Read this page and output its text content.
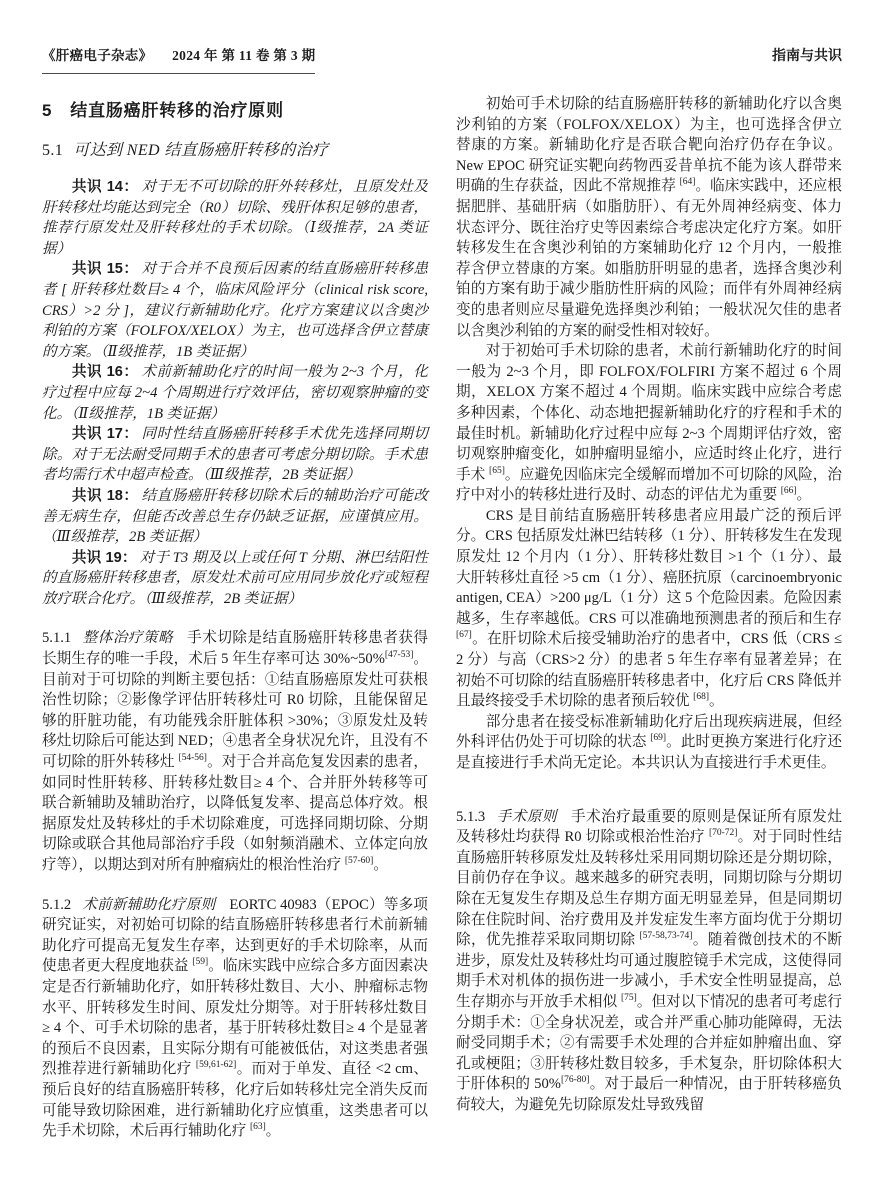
《肝癌电子杂志》 2024 年 第 11 卷 第 3 期	指南与共识
5 结直肠癌肝转移的治疗原则
5.1 可达到 NED 结直肠癌肝转移的治疗

共识 14： 对于无不可切除的肝外转移灶，且原发灶及肝转移灶均能达到完全（R0）切除、残肝体积足够的患者，推荐行原发灶及肝转移灶的手术切除。（Ⅰ级推荐，2A 类证据）

共识 15： 对于合并不良预后因素的结直肠癌肝转移患者 [ 肝转移灶数目≥ 4 个，临床风险评分（clinical risk score, CRS）>2 分 ]，建议行新辅助化疗。化疗方案建议以含奥沙利铂的方案（FOLFOX/XELOX）为主，也可选择含伊立替康的方案。（Ⅱ级推荐，1B 类证据）

共识 16： 术前新辅助化疗的时间一般为 2~3 个月，化疗过程中应每 2~4 个周期进行疗效评估，密切观察肿瘤的变化。（Ⅱ级推荐，1B 类证据）

共识 17： 同时性结直肠癌肝转移手术优先选择同期切除。对于无法耐受同期手术的患者可考虑分期切除。手术患者均需行术中超声检查。（Ⅲ级推荐，2B 类证据）

共识 18： 结直肠癌肝转移切除术后的辅助治疗可能改善无病生存，但能否改善总生存仍缺乏证据，应谨慎应用。（Ⅲ级推荐，2B 类证据）

共识 19： 对于 T3 期及以上或任何 T 分期、淋巴结阳性的直肠癌肝转移患者，原发灶术前可应用同步放化疗或短程放疗联合化疗。（Ⅲ级推荐，2B 类证据）

5.1.1 整体治疗策略 手术切除是结直肠癌肝转移患者获得长期生存的唯一手段，术后 5 年生存率可达 30%~50%[47-53]。目前对于可切除的判断主要包括：①结直肠癌原发灶可获根治性切除；②影像学评估肝转移灶可 R0 切除，且能保留足够的肝脏功能，有功能残余肝脏体积 >30%；③原发灶及转移灶切除后可能达到 NED；④患者全身状况允许，且没有不可切除的肝外转移灶 [54-56]。对于合并高危复发因素的患者，如同时性肝转移、肝转移灶数目≥ 4 个、合并肝外转移等可联合新辅助及辅助治疗，以降低复发率、提高总体疗效。根据原发灶及转移灶的手术切除难度，可选择同期切除、分期切除或联合其他局部治疗手段（如射频消融术、立体定向放疗等），以期达到对所有肿瘤病灶的根治性治疗 [57-60]。

5.1.2 术前新辅助化疗原则 EORTC 40983（EPOC）等多项研究证实，对初始可切除的结直肠癌肝转移患者行术前新辅助化疗可提高无复发生存率，达到更好的手术切除率，从而使患者更大程度地获益 [59]。临床实践中应综合多方面因素决定是否行新辅助化疗，如肝转移灶数目、大小、肿瘤标志物水平、肝转移发生时间、原发灶分期等。对于肝转移灶数目≥ 4 个、可手术切除的患者，基于肝转移灶数目≥ 4 个是显著的预后不良因素，且实际分期有可能被低估，对这类患者强烈推荐进行新辅助化疗 [59,61-62]。而对于单发、直径 <2 cm、预后良好的结直肠癌肝转移，化疗后如转移灶完全消失反而可能导致切除困难，进行新辅助化疗应慎重，这类患者可以先手术切除，术后再行辅助化疗 [63]。

初始可手术切除的结直肠癌肝转移的新辅助化疗以含奥沙利铂的方案（FOLFOX/XELOX）为主，也可选择含伊立替康的方案。新辅助化疗是否联合靶向治疗仍存在争议。New EPOC 研究证实靶向药物西妥昔单抗不能为该人群带来明确的生存获益，因此不常规推荐 [64]。临床实践中，还应根据肥胖、基础肝病（如脂肪肝）、有无外周神经病变、体力状态评分、既往治疗史等因素综合考虑决定化疗方案。如肝转移发生在含奥沙利铂的方案辅助化疗 12 个月内，一般推荐含伊立替康的方案。如脂肪肝明显的患者，选择含奥沙利铂的方案有助于减少脂肪性肝病的风险；而伴有外周神经病变的患者则应尽量避免选择奥沙利铂；一般状况欠佳的患者以含奥沙利铂的方案的耐受性相对较好。

对于初始可手术切除的患者，术前行新辅助化疗的时间一般为 2~3 个月，即 FOLFOX/FOLFIRI 方案不超过 6 个周期，XELOX 方案不超过 4 个周期。临床实践中应综合考虑多种因素，个体化、动态地把握新辅助化疗的疗程和手术的最佳时机。新辅助化疗过程中应每 2~3 个周期评估疗效，密切观察肿瘤变化，如肿瘤明显缩小，应适时终止化疗，进行手术 [65]。应避免因临床完全缓解而增加不可切除的风险，治疗中对小的转移灶进行及时、动态的评估尤为重要 [66]。

CRS 是目前结直肠癌肝转移患者应用最广泛的预后评分。CRS 包括原发灶淋巴结转移（1 分）、肝转移发生在发现原发灶 12 个月内（1 分）、肝转移灶数目 >1 个（1 分）、最大肝转移灶直径 >5 cm（1 分）、癌胚抗原（carcinoembryonic antigen, CEA）>200 μg/L（1 分）这 5 个危险因素。危险因素越多，生存率越低。CRS 可以准确地预测患者的预后和生存 [67]。在肝切除术后接受辅助治疗的患者中，CRS 低（CRS ≤ 2 分）与高（CRS>2 分）的患者 5 年生存率有显著差异；在初始不可切除的结直肠癌肝转移患者中，化疗后 CRS 降低并且最终接受手术切除的患者预后较优 [68]。

部分患者在接受标准新辅助化疗后出现疾病进展，但经外科评估仍处于可切除的状态 [69]。此时更换方案进行化疗还是直接进行手术尚无定论。本共识认为直接进行手术更佳。

5.1.3 手术原则 手术治疗最重要的原则是保证所有原发灶及转移灶均获得 R0 切除或根治性治疗 [70-72]。对于同时性结直肠癌肝转移原发灶及转移灶采用同期切除还是分期切除，目前仍存在争议。越来越多的研究表明，同期切除与分期切除在无复发生存期及总生存期方面无明显差异，但是同期切除在住院时间、治疗费用及并发症发生率方面均优于分期切除，优先推荐采取同期切除 [57-58,73-74]。随着微创技术的不断进步，原发灶及转移灶均可通过腹腔镜手术完成，这使得同期手术对机体的损伤进一步减小，手术安全性明显提高，总生存期亦与开放手术相似 [75]。但对以下情况的患者可考虑行分期手术：①全身状况差，或合并严重心肺功能障碍，无法耐受同期手术；②有需要手术处理的合并症如肿瘤出血、穿孔或梗阻；③肝转移灶数目较多，手术复杂，肝切除体积大于肝体积的 50%[76-80]。对于最后一种情况，由于肝转移癌负荷较大，为避免先切除原发灶导致残留
